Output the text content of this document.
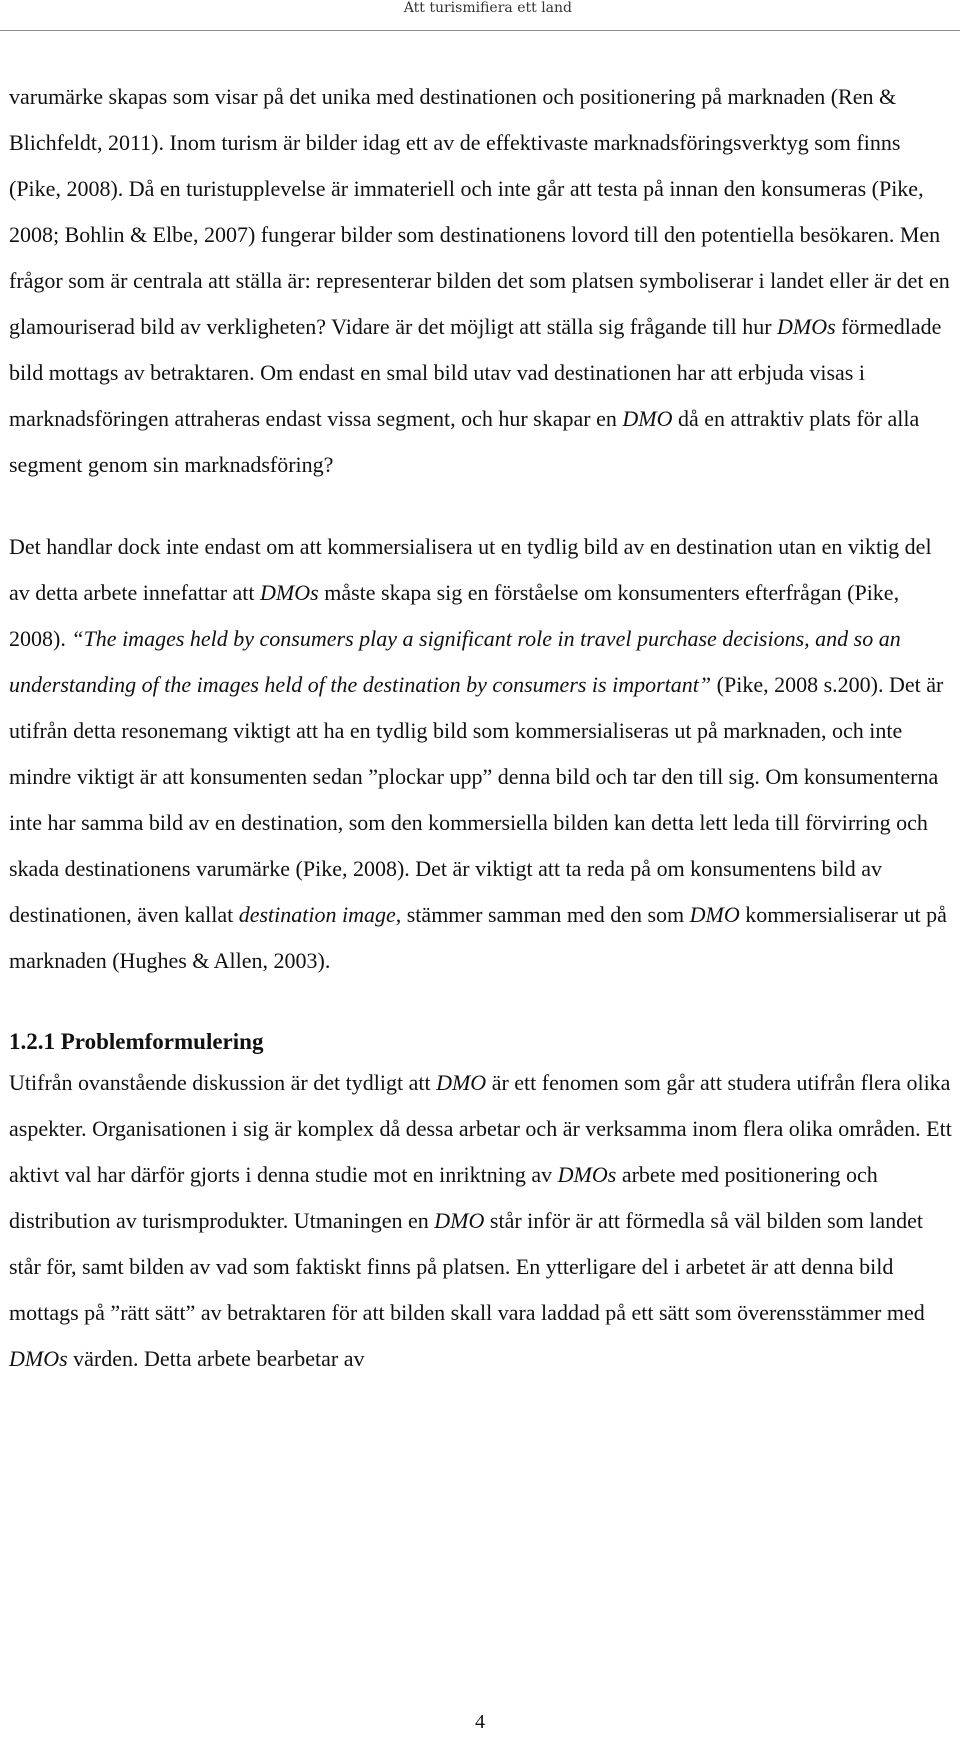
Att turismifiera ett land

varumärke skapas som visar på det unika med destinationen och positionering på marknaden (Ren & Blichfeldt, 2011). Inom turism är bilder idag ett av de effektivaste marknadsföringsverktyg som finns (Pike, 2008). Då en turistupplevelse är immateriell och inte går att testa på innan den konsumeras (Pike, 2008; Bohlin & Elbe, 2007) fungerar bilder som destinationens lovord till den potentiella besökaren. Men frågor som är centrala att ställa är: representerar bilden det som platsen symboliserar i landet eller är det en glamouriserad bild av verkligheten? Vidare är det möjligt att ställa sig frågande till hur DMOs förmedlade bild mottags av betraktaren. Om endast en smal bild utav vad destinationen har att erbjuda visas i marknadsföringen attraheras endast vissa segment, och hur skapar en DMO då en attraktiv plats för alla segment genom sin marknadsföring?

Det handlar dock inte endast om att kommersialisera ut en tydlig bild av en destination utan en viktig del av detta arbete innefattar att DMOs måste skapa sig en förståelse om konsumenters efterfrågan (Pike, 2008). “The images held by consumers play a significant role in travel purchase decisions, and so an understanding of the images held of the destination by consumers is important” (Pike, 2008 s.200). Det är utifrån detta resonemang viktigt att ha en tydlig bild som kommersialiseras ut på marknaden, och inte mindre viktigt är att konsumenten sedan ”plockar upp” denna bild och tar den till sig. Om konsumenterna inte har samma bild av en destination, som den kommersiella bilden kan detta lett leda till förvirring och skada destinationens varumärke (Pike, 2008). Det är viktigt att ta reda på om konsumentens bild av destinationen, även kallat destination image, stämmer samman med den som DMO kommersialiserar ut på marknaden (Hughes & Allen, 2003).

1.2.1 Problemformulering

Utifrån ovanstående diskussion är det tydligt att DMO är ett fenomen som går att studera utifrån flera olika aspekter. Organisationen i sig är komplex då dessa arbetar och är verksamma inom flera olika områden. Ett aktivt val har därför gjorts i denna studie mot en inriktning av DMOs arbete med positionering och distribution av turismprodukter. Utmaningen en DMO står inför är att förmedla så väl bilden som landet står för, samt bilden av vad som faktiskt finns på platsen. En ytterligare del i arbetet är att denna bild mottags på ”rätt sätt” av betraktaren för att bilden skall vara laddad på ett sätt som överensstämmer med DMOs värden. Detta arbete bearbetar av

4
